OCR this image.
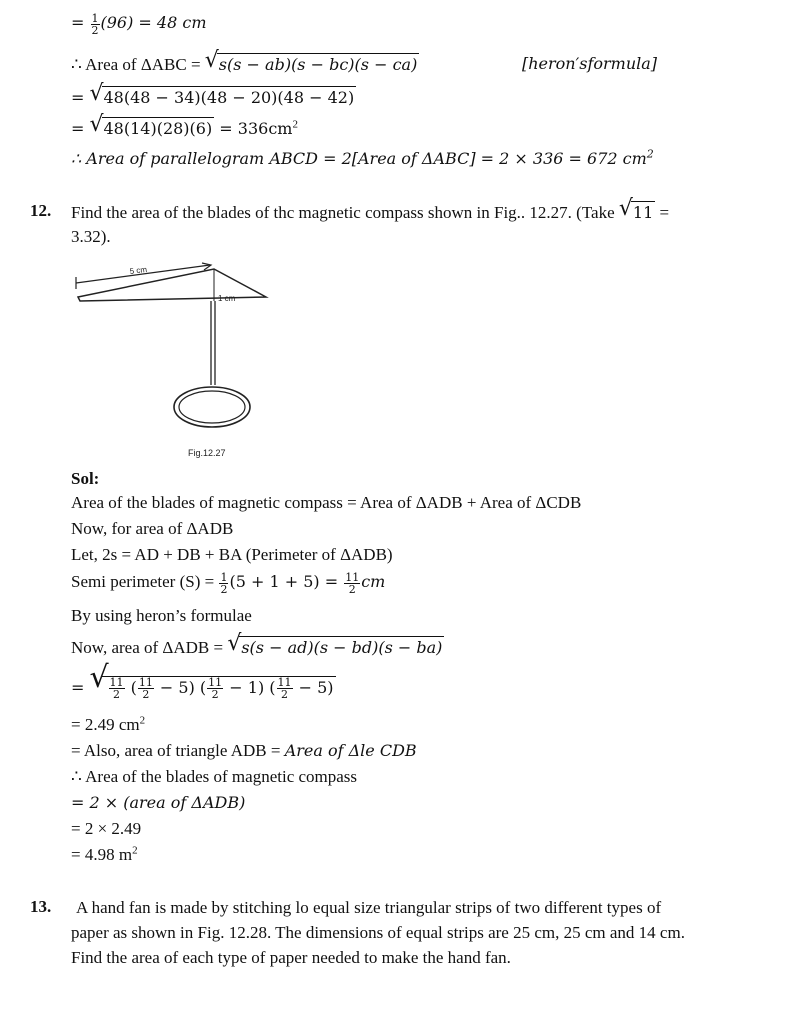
= $\frac{1}{2} (96) = 48$ cm
∴ Area of ΔABC = √ s(s − ab)(s − bc)(s − ca)	[heron′sformula]
= √ 48(48 − 34)(48 − 20)(48 − 42)
= √ $48(14)(28)(6) = 336cm^2$
∴ Area of parallelogram ABCD = 2[Area of ΔABC] = 2 × 336 = 672 $cm^2$
12. Find the area of the blades of thc magnetic compass shown in Fig.. 12.27. (Take √ 11 =
3.32).
5 cm
1 cm
Fig.12.27
Sol:
Area of the blades of magnetic compass = Area of ΔADB + Area of ΔCDB
Now, for area of ΔADB
Let, 2s = AD + DB + BA (Perimeter of ΔADB)
Semi perimeter $(S) = \frac{1}{2} (5 + 1 + 5) = \frac{11}{2}$ cm
By using heron’s formulae
Now, area of ΔADB = √ s(s − ad)(s − bd)(s − ba)
= √ $\frac{11}{2}$ ( $\frac{11}{2} - 5$) ( $\frac{11}{2} - 1$) ( $\frac{11}{2} - 5$)
= 2.49 $cm^2$
= Also, area of triangle ADB = Area of Δle CDB
∴ Area of the blades of magnetic compass
= 2 × (area of ΔADB)
= 2 × 2.49
= 4.98 $m^2$
13. A hand fan is made by stitching lo equal size triangular strips of two different types of
paper as shown in Fig. 12.28. The dimensions of equal strips are 25 cm, 25 cm and 14 cm.
Find the area of each type of paper needed to make the hand fan.
